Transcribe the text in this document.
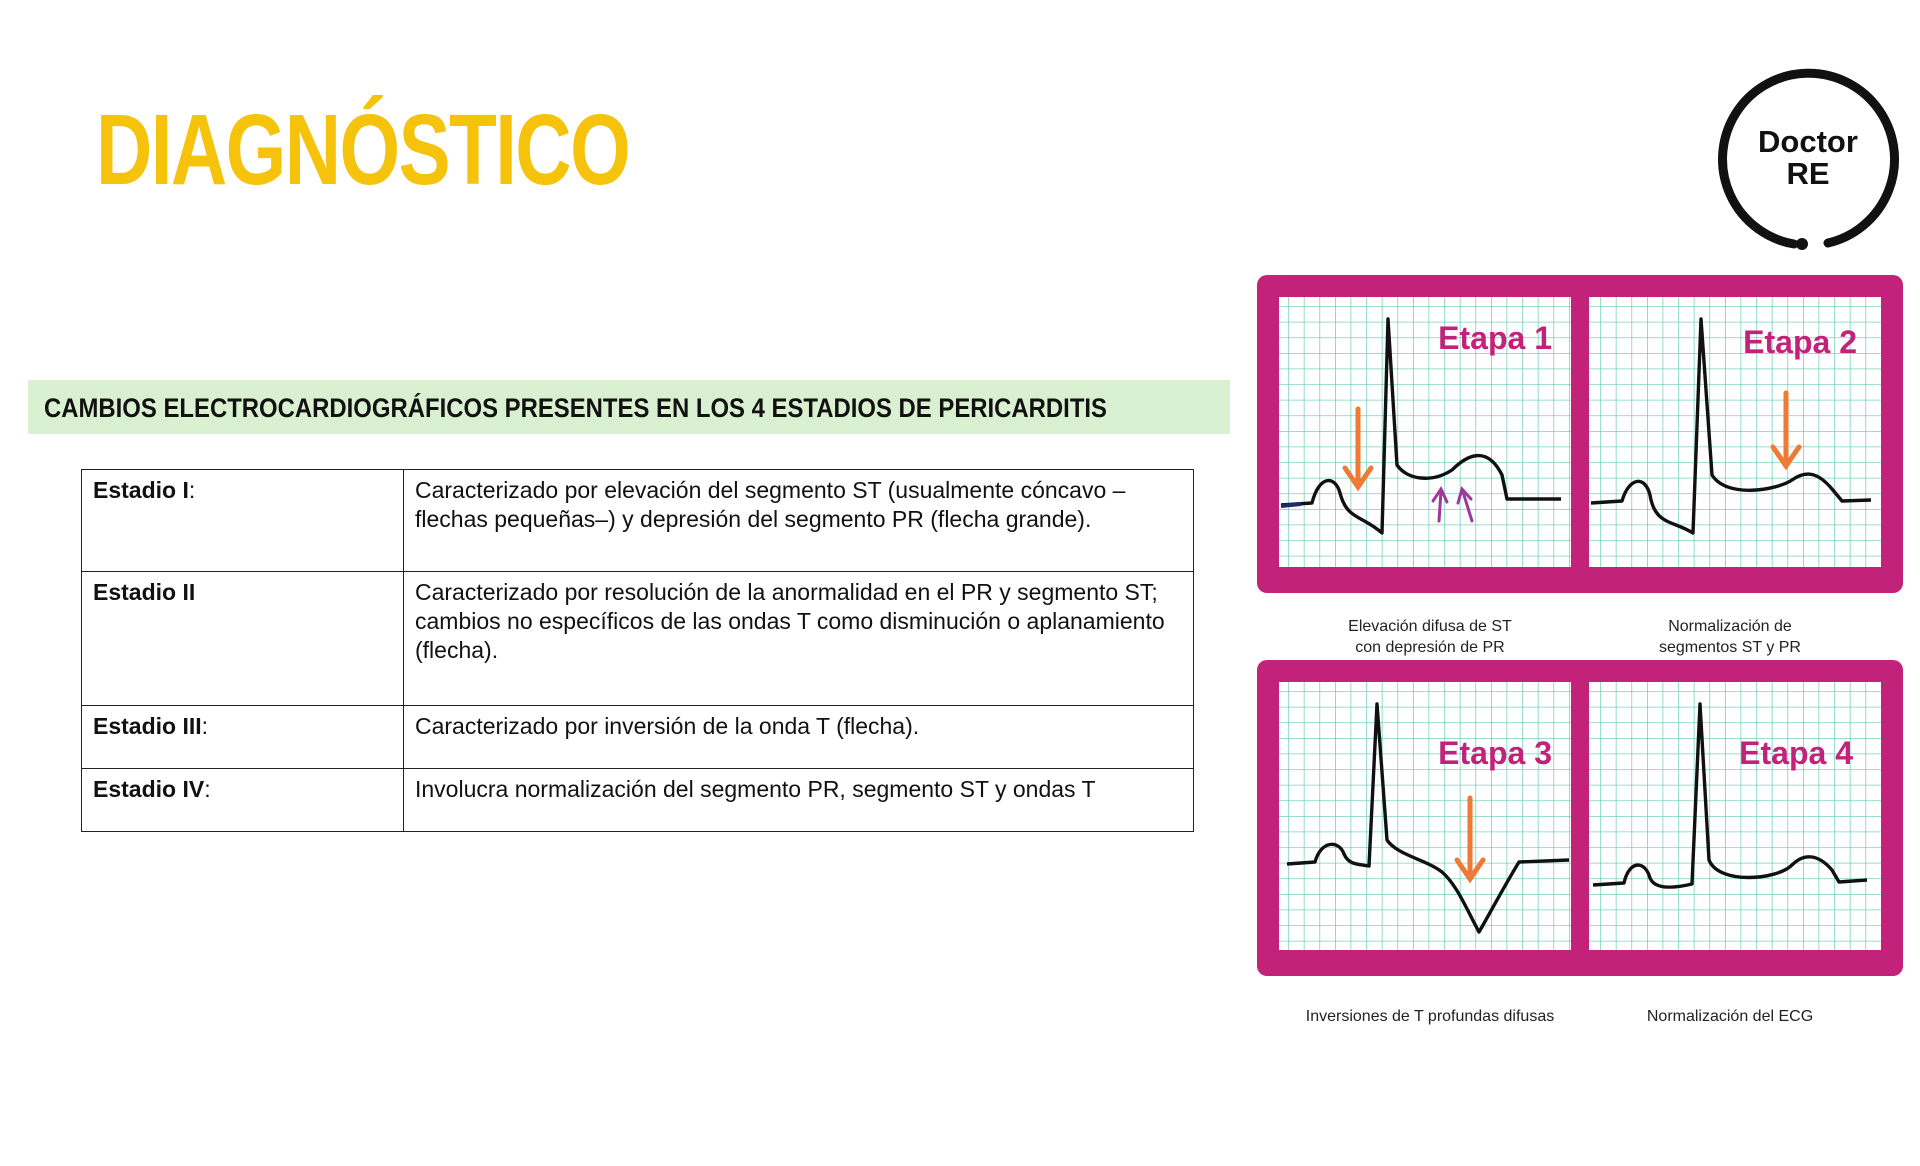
DIAGNÓSTICO	Doctor
RE
CAMBIOS ELECTROCARDIOGRÁFICOS PRESENTES EN LOS 4 ESTADIOS DE PERICARDITIS
Estadio I:	Caracterizado por elevación del segmento ST (usualmente cóncavo –flechas pequeñas–) y depresión del segmento PR (flecha grande).
Estadio II	Caracterizado por resolución de la anormalidad en el PR y segmento ST; cambios no específicos de las ondas T como disminución o aplanamiento (flecha).
Estadio III:	Caracterizado por inversión de la onda T (flecha).
Estadio IV:	Involucra normalización del segmento PR, segmento ST y ondas T
Etapa 1	Etapa 2
Elevación difusa de ST
con depresión de PR
Normalización de
segmentos ST y PR
Etapa 3	Etapa 4
Inversiones de T profundas difusas	Normalización del ECG
